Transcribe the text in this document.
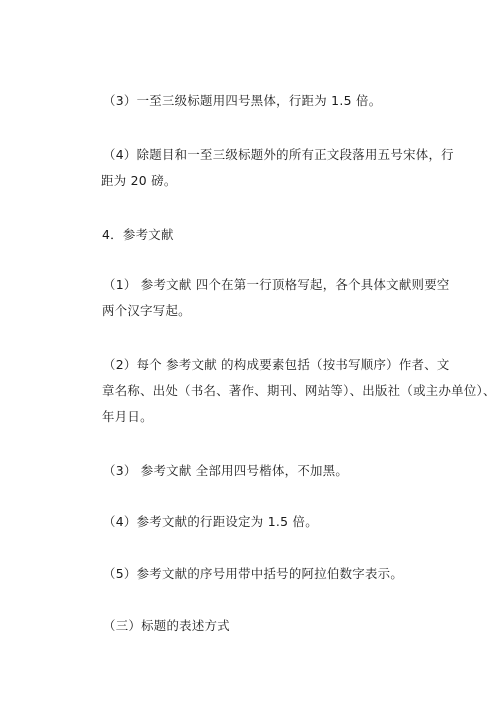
（3）一至三级标题用四号黑体，行距为 1.5 倍。

（4）除题目和一至三级标题外的所有正文段落用五号宋体，行
距为 20 磅。

4．参考文献

（1） 参考文献 四个在第一行顶格写起，各个具体文献则要空
两个汉字写起。

（2）每个 参考文献 的构成要素包括（按书写顺序）作者、文
章名称、出处（书名、著作、期刊、网站等）、出版社（或主办单位）、
年月日。

（3） 参考文献 全部用四号楷体，不加黑。

（4）参考文献的行距设定为 1.5 倍。

（5）参考文献的序号用带中括号的阿拉伯数字表示。

（三）标题的表述方式
